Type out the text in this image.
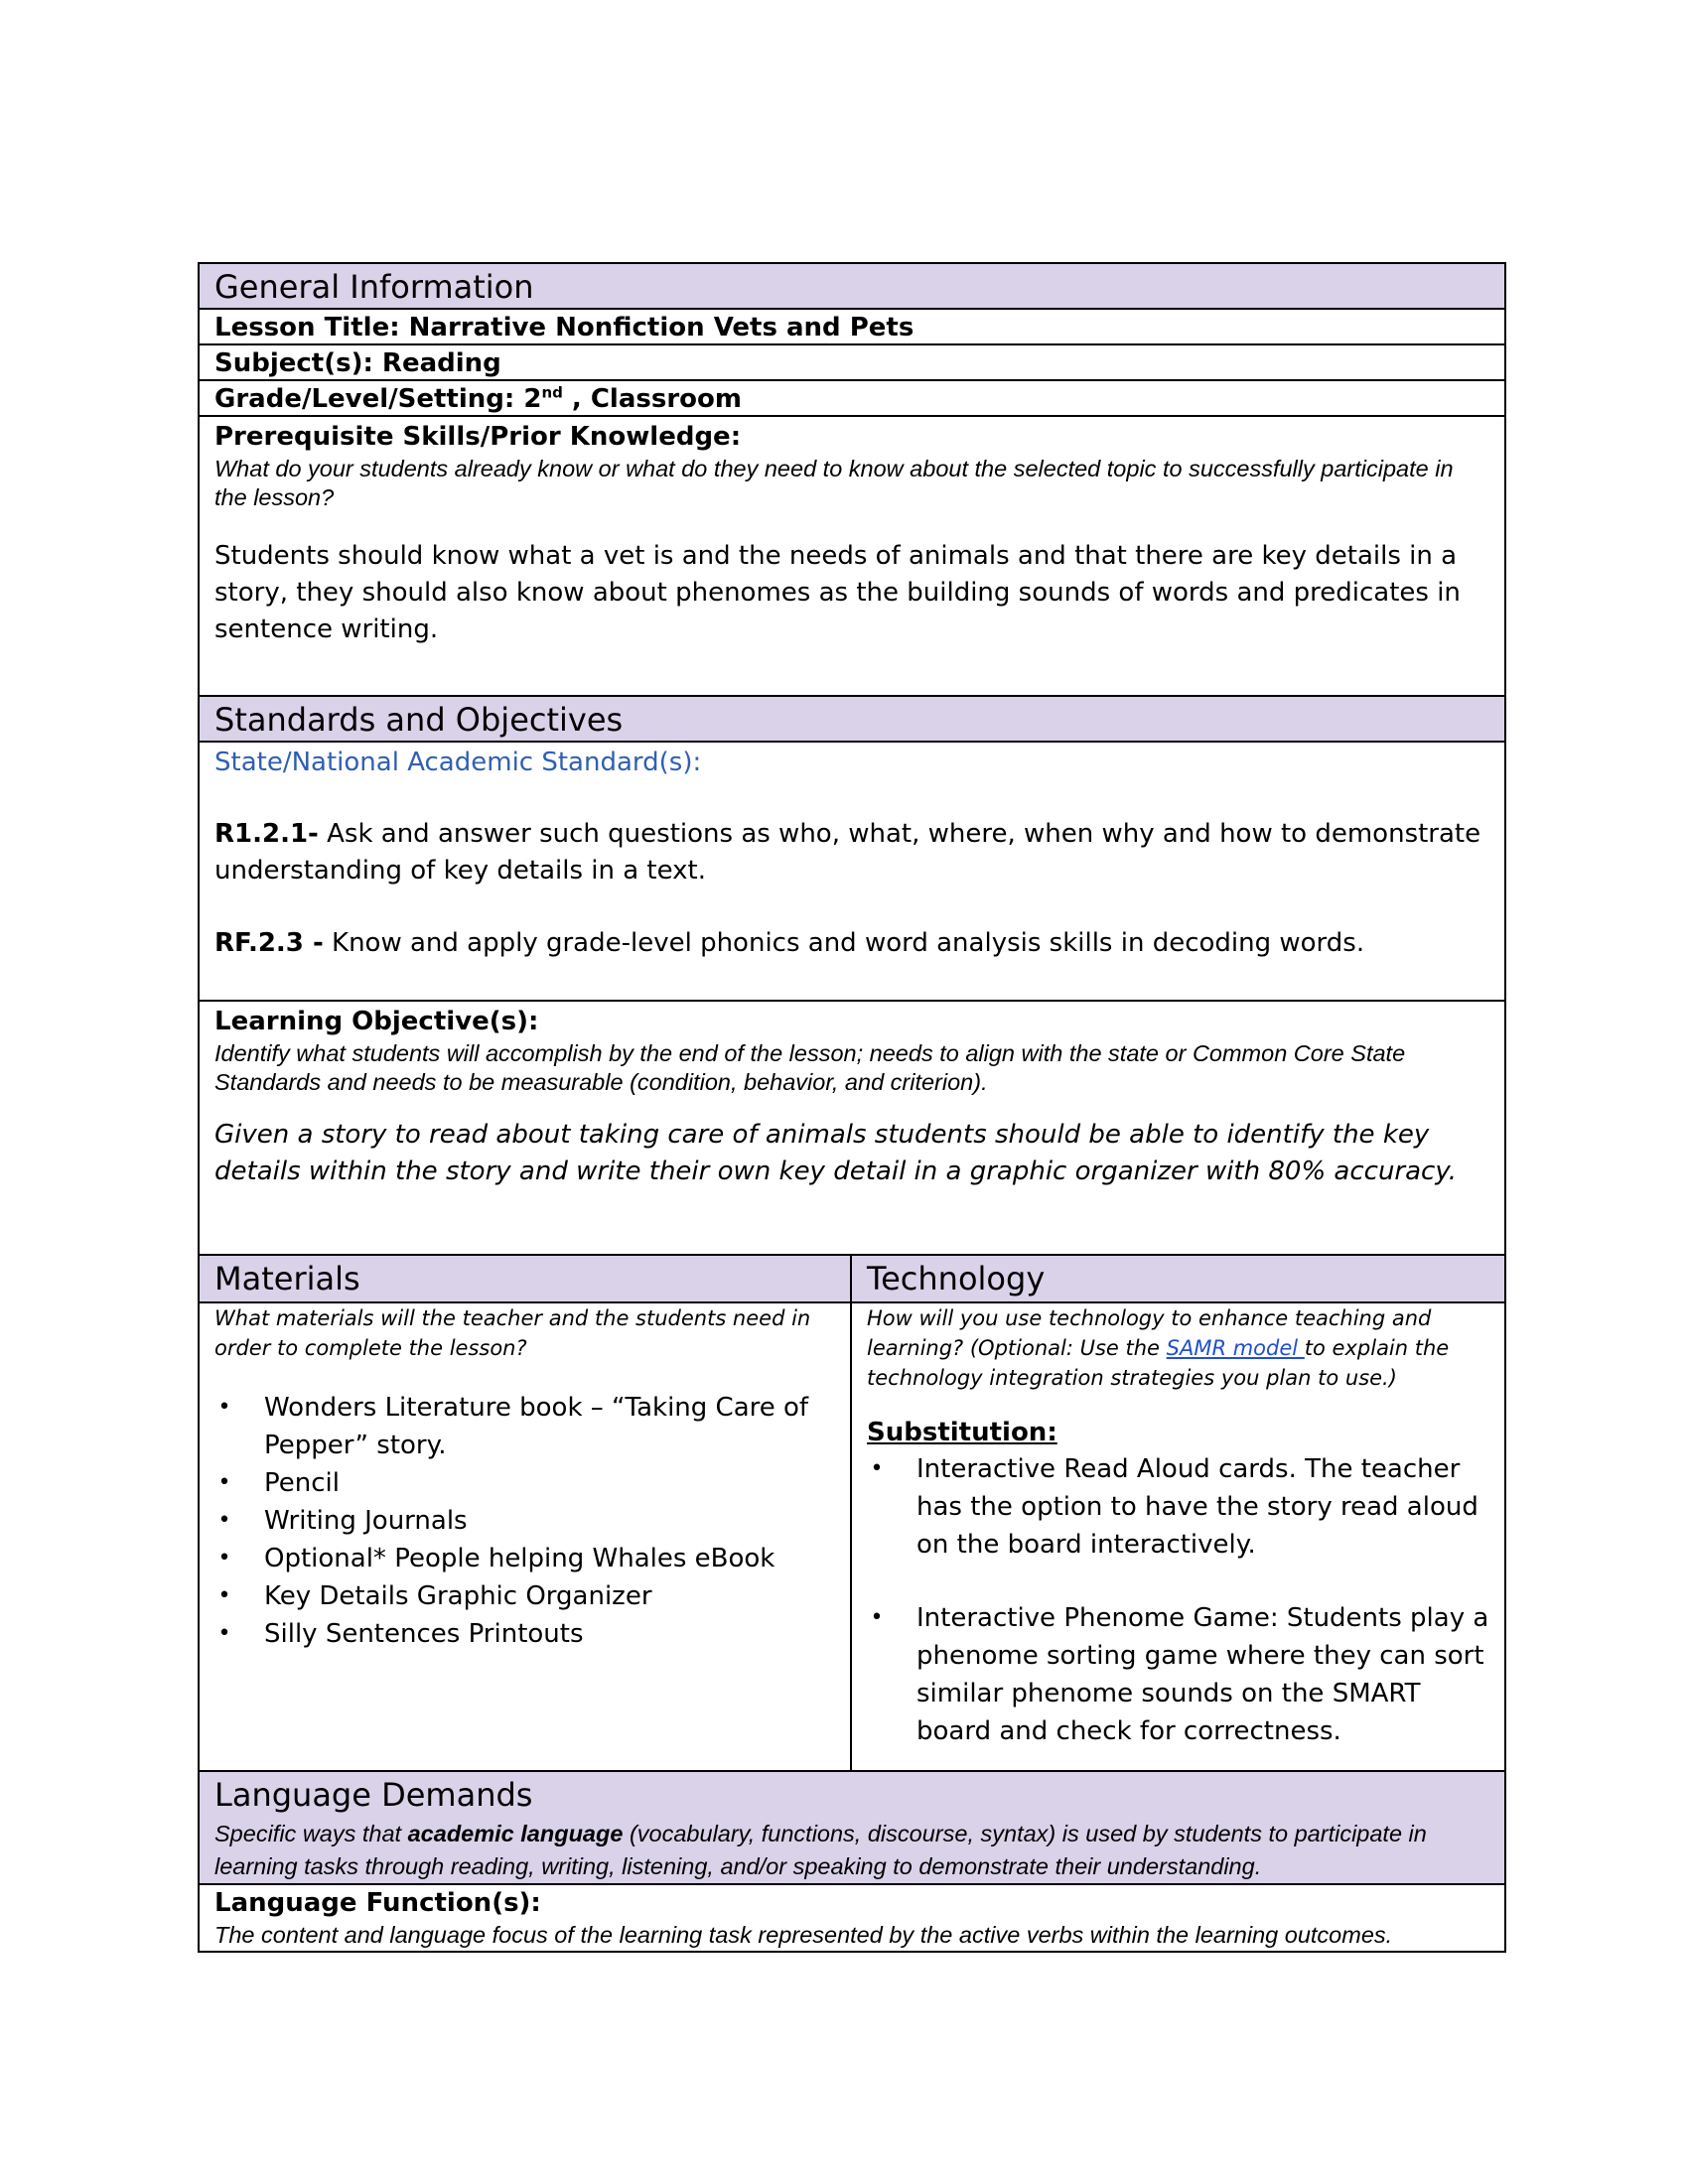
General Information
Lesson Title: Narrative Nonfiction Vets and Pets
Subject(s): Reading
Grade/Level/Setting: 2nd , Classroom
Prerequisite Skills/Prior Knowledge:

What do your students already know or what do they need to know about the selected topic to successfully participate in the lesson?

Students should know what a vet is and the needs of animals and that there are key details in a story, they should also know about phenomes as the building sounds of words and predicates in sentence writing.

Standards and Objectives
State/National Academic Standard(s):

R1.2.1- Ask and answer such questions as who, what, where, when why and how to demonstrate understanding of key details in a text.

RF.2.3 - Know and apply grade-level phonics and word analysis skills in decoding words.

Learning Objective(s):

Identify what students will accomplish by the end of the lesson; needs to align with the state or Common Core State Standards and needs to be measurable (condition, behavior, and criterion).

Given a story to read about taking care of animals students should be able to identify the key details within the story and write their own key detail in a graphic organizer with 80% accuracy.

Materials

What materials will the teacher and the students need in order to complete the lesson?

• Wonders Literature book – “Taking Care of Pepper” story.
• Pencil
• Writing Journals
• Optional* People helping Whales eBook
• Key Details Graphic Organizer
• Silly Sentences Printouts
Technology

How will you use technology to enhance teaching and learning? (Optional: Use the SAMR model to explain the technology integration strategies you plan to use.)

Substitution:
• Interactive Read Aloud cards. The teacher has the option to have the story read aloud on the board interactively.
• Interactive Phenome Game: Students play a phenome sorting game where they can sort similar phenome sounds on the SMART board and check for correctness.
Language Demands

Specific ways that academic language (vocabulary, functions, discourse, syntax) is used by students to participate in learning tasks through reading, writing, listening, and/or speaking to demonstrate their understanding.

Language Function(s):

The content and language focus of the learning task represented by the active verbs within the learning outcomes.
